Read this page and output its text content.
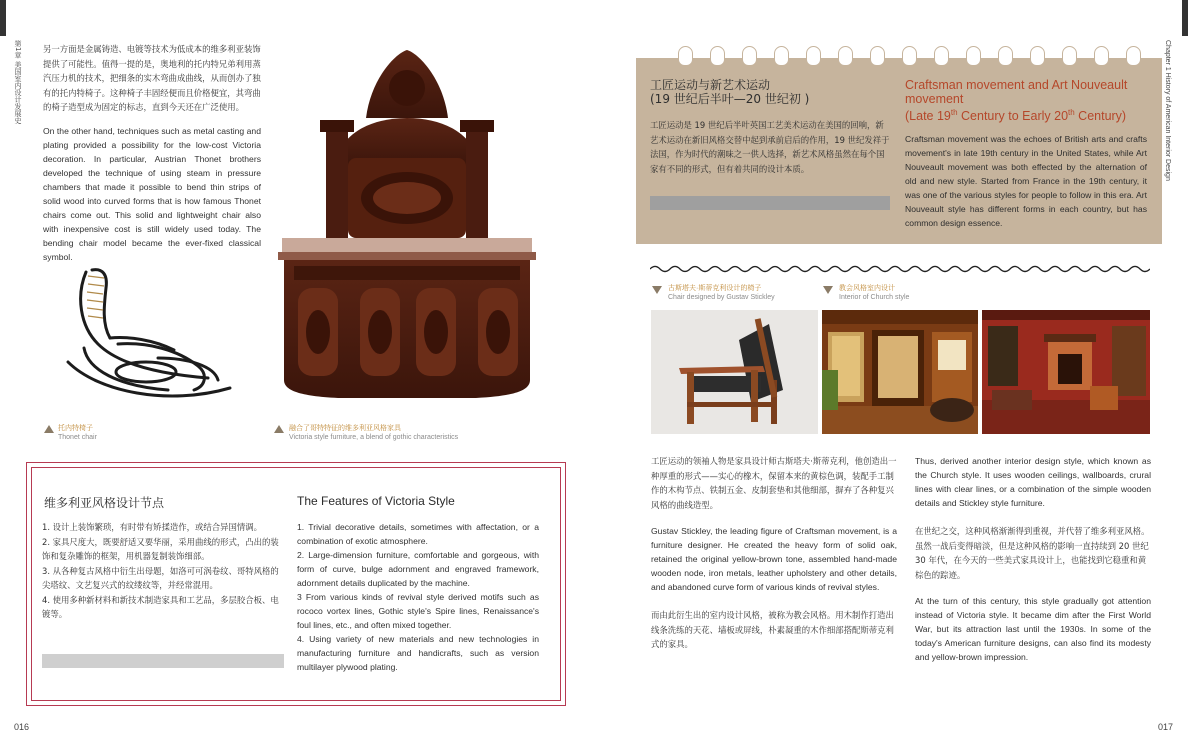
第1章 美国室内设计发展史	Chapter 1 History of American Interior Design
另一方面是金属铸造、电镀等技术为低成本的维多利亚装饰提供了可能性。值得一提的是，奥地利的托内特兄弟利用蒸汽压力机的技术，把细条的实木弯曲成曲线，从而创办了独有的托内特椅子。这种椅子丰固经便而且价格便宜，其弯曲的椅子造型成为固定的标志，直到今天还在广泛使用。
On the other hand, techniques such as metal casting and plating provided a possibility for the low-cost Victoria decoration. In particular, Austrian Thonet brothers developed the technique of using steam in pressure chambers that made it possible to bend thin strips of solid wood into curved forms that is how famous Thonet chairs come out. This solid and lightweight chair also with inexpensive cost is still widely used today. The bending chair model became the ever-fixed classical symbol.
托内特椅子
Thonet chair
融合了哥特特征的维多利亚风格家具
Victoria style furniture, a blend of gothic characteristics
维多利亚风格设计节点	The Features of Victoria Style
1. 设计上装饰繁琐，有时带有矫揉造作，或结合异国情调。
2. 家具尺度大，既要舒适又要华丽，采用曲线的形式，凸出的装饰和复杂雕饰的框架，用机器复制装饰细部。
3. 从各种复古风格中衍生出母题，如洛可可涡卷纹、哥特风格的尖塔纹、文艺复兴式的纹缕纹等，并经常混用。
4. 使用多种新材料和新技术制造家具和工艺品，多层胶合板、电镀等。
1. Trivial decorative details, sometimes with affectation, or a combination of exotic atmosphere.
2. Large-dimension furniture, comfortable and gorgeous, with form of curve, bulge adornment and engraved framework, adornment details duplicated by the machine.
3 From various kinds of revival style derived motifs such as rococo vortex lines, Gothic style's Spire lines, Renaissance's foul lines, etc., and often mixed together.
4. Using variety of new materials and new technologies in manufacturing furniture and handicrafts, such as version multilayer plywood plating.
工匠运动与新艺术运动
(19 世纪后半叶—20 世纪初 )
工匠运动是 19 世纪后半叶英国工艺美术运动在美国的回响，新艺术运动在新旧风格交替中起到承前启后的作用，19 世纪发祥于法国，作为时代的潮味之一供人选择，新艺术风格虽然在每个国家有不同的形式，但有着共同的设计本质。
Craftsman movement and Art Nouveault movement
(Late 19th Century to Early 20th Century)
Craftsman movement was the echoes of British arts and crafts movement's in late 19th century in the United States, while Art Nouveault movement was both effected by the alternation of old and new style. Started from France in the 19th century, it was one of the various styles for people to follow in this era. Art Nouveault style has different forms in each country, but has common design essence.
古斯塔夫·斯蒂克利设计的椅子
Chair designed by Gustav Stickley
教会风格室内设计
Interior of Church style
工匠运动的领袖人物是家具设计师古斯塔夫·斯蒂克利，他创造出一种厚重的形式——实心的橡木，保留本来的黄棕色调，装配手工制作的木构节点、铁制五金、皮制套垫和其他细部，摒弃了各种复兴风格的曲线造型。
Gustav Stickley, the leading figure of Craftsman movement, is a furniture designer. He created the heavy form of solid oak, retained the original yellow-brown tone, assembled hand-made wooden node, iron metals, leather upholstery and other details, and abandoned curve form of various kinds of revival styles.
而由此衍生出的室内设计风格，被称为教会风格。用木制作打造出线条洗练的天花、墙板或屏线，朴素凝重的木作细部搭配斯蒂克利式的家具。
Thus, derived another interior design style, which known as the Church style. It uses wooden ceilings, wallboards, crural lines with clear lines, or a combination of the simple wooden details and Stickley style furniture.
在世纪之交，这种风格渐渐得到重视，并代替了维多利亚风格。虽然一战后变得暗淡，但是这种风格的影响一直持续到 20 世纪 30 年代，在今天的一些美式家具设计上，也能找到它稳重和黄棕色的踪迹。
At the turn of this century, this style gradually got attention instead of Victoria style. It became dim after the First World War, but its attraction last until the 1930s. In some of the today's American furniture designs, can also find its modesty and yellow-brown impression.
016	017
